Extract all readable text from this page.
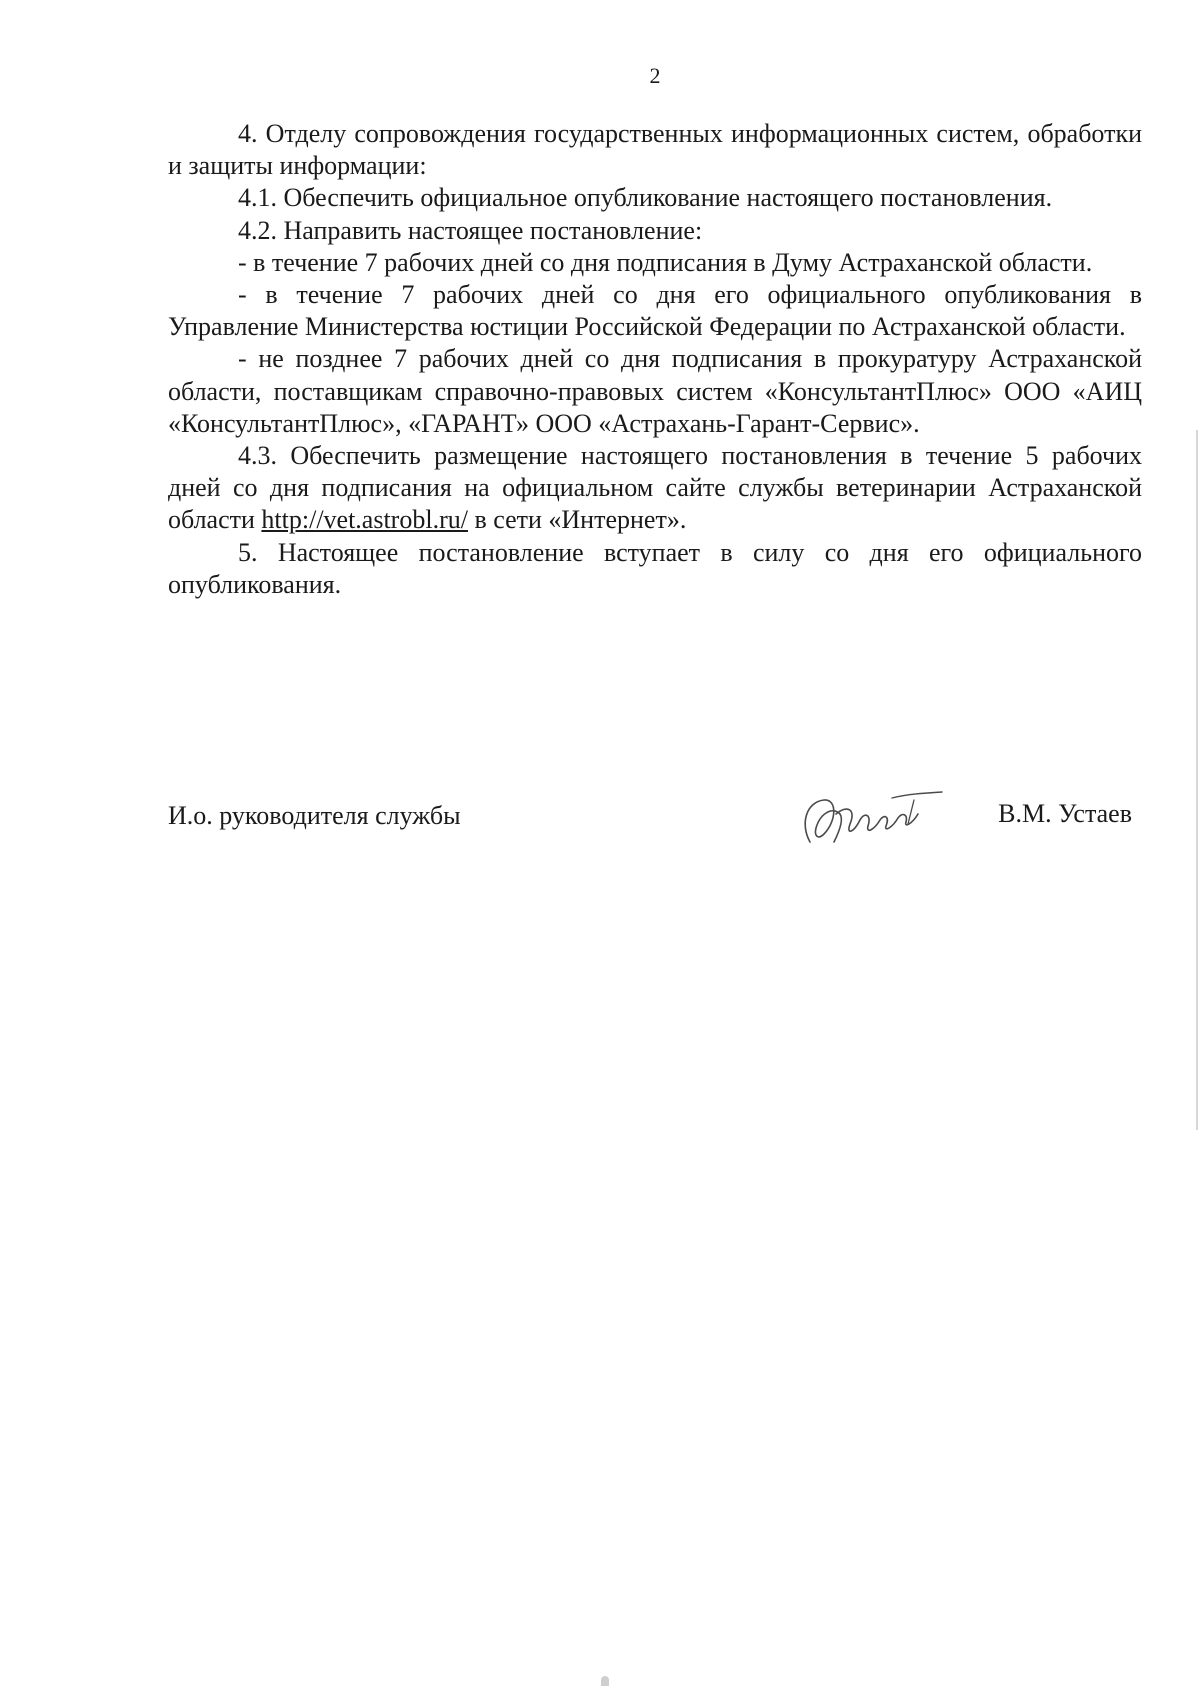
2

4. Отделу сопровождения государственных информационных систем, обработки и защиты информации:

4.1. Обеспечить официальное опубликование настоящего постановления.

4.2. Направить настоящее постановление:

- в течение 7 рабочих дней со дня подписания в Думу Астраханской области.

- в течение 7 рабочих дней со дня его официального опубликования в Управление Министерства юстиции Российской Федерации по Астраханской области.

- не позднее 7 рабочих дней со дня подписания в прокуратуру Астраханской области, поставщикам справочно-правовых систем «КонсультантПлюс» ООО «АИЦ «КонсультантПлюс», «ГАРАНТ» ООО «Астрахань-Гарант-Сервис».

4.3. Обеспечить размещение настоящего постановления в течение 5 рабочих дней со дня подписания на официальном сайте службы ветеринарии Астраханской области http://vet.astrobl.ru/ в сети «Интернет».

5. Настоящее постановление вступает в силу со дня его официального опубликования.

И.о. руководителя службы	В.М. Устаев
